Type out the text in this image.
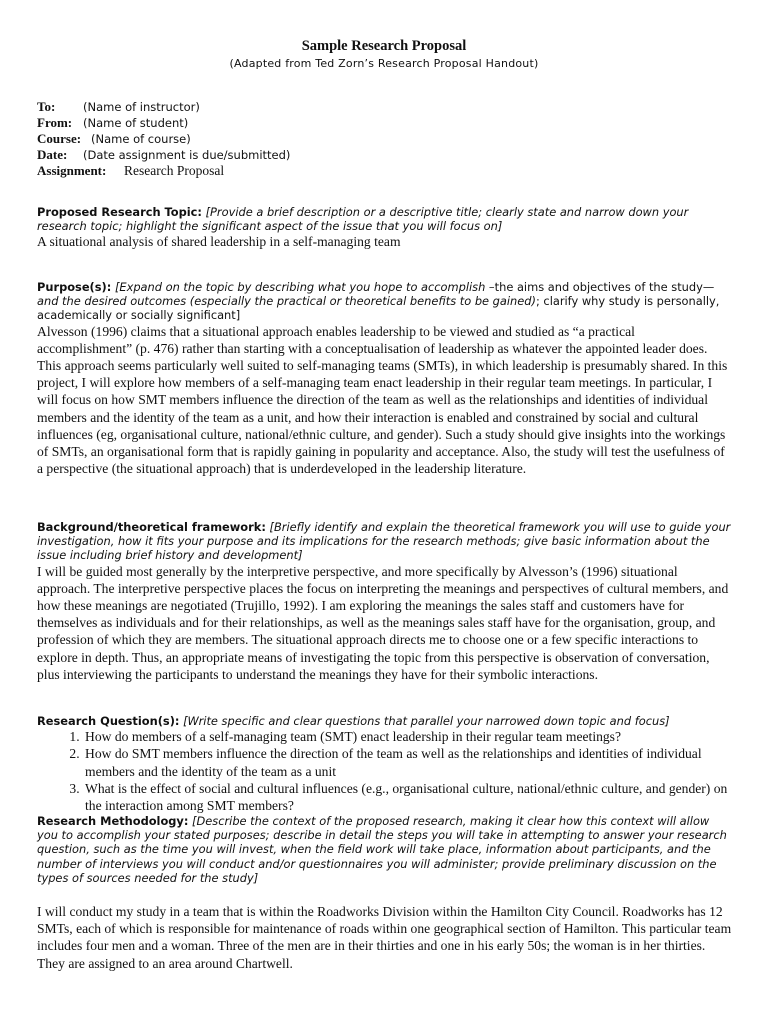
Sample Research Proposal
(Adapted from Ted Zorn’s Research Proposal Handout)
To: (Name of instructor)
From: (Name of student)
Course: (Name of course)
Date: (Date assignment is due/submitted)
Assignment: Research Proposal

Proposed Research Topic: [Provide a brief description or a descriptive title; clearly state and narrow down your research topic; highlight the significant aspect of the issue that you will focus on]

A situational analysis of shared leadership in a self-managing team

Purpose(s): [Expand on the topic by describing what you hope to accomplish –the aims and objectives of the study— and the desired outcomes (especially the practical or theoretical benefits to be gained); clarify why study is personally, academically or socially significant]

Alvesson (1996) claims that a situational approach enables leadership to be viewed and studied as “a practical accomplishment” (p. 476) rather than starting with a conceptualisation of leadership as whatever the appointed leader does. This approach seems particularly well suited to self-managing teams (SMTs), in which leadership is presumably shared. In this project, I will explore how members of a self-managing team enact leadership in their regular team meetings. In particular, I will focus on how SMT members influence the direction of the team as well as the relationships and identities of individual members and the identity of the team as a unit, and how their interaction is enabled and constrained by social and cultural influences (eg, organisational culture, national/ethnic culture, and gender). Such a study should give insights into the workings of SMTs, an organisational form that is rapidly gaining in popularity and acceptance. Also, the study will test the usefulness of a perspective (the situational approach) that is underdeveloped in the leadership literature.

Background/theoretical framework: [Briefly identify and explain the theoretical framework you will use to guide your investigation, how it fits your purpose and its implications for the research methods; give basic information about the issue including brief history and development]

I will be guided most generally by the interpretive perspective, and more specifically by Alvesson’s (1996) situational approach. The interpretive perspective places the focus on interpreting the meanings and perspectives of cultural members, and how these meanings are negotiated (Trujillo, 1992). I am exploring the meanings the sales staff and customers have for themselves as individuals and for their relationships, as well as the meanings sales staff have for the organisation, group, and profession of which they are members. The situational approach directs me to choose one or a few specific interactions to explore in depth. Thus, an appropriate means of investigating the topic from this perspective is observation of conversation, plus interviewing the participants to understand the meanings they have for their symbolic interactions.

Research Question(s): [Write specific and clear questions that parallel your narrowed down topic and focus]

1. How do members of a self-managing team (SMT) enact leadership in their regular team meetings?
2. How do SMT members influence the direction of the team as well as the relationships and identities of individual members and the identity of the team as a unit
3. What is the effect of social and cultural influences (e.g., organisational culture, national/ethnic culture, and gender) on the interaction among SMT members?

Research Methodology: [Describe the context of the proposed research, making it clear how this context will allow you to accomplish your stated purposes; describe in detail the steps you will take in attempting to answer your research question, such as the time you will invest, when the field work will take place, information about participants, and the number of interviews you will conduct and/or questionnaires you will administer; provide preliminary discussion on the types of sources needed for the study]

I will conduct my study in a team that is within the Roadworks Division within the Hamilton City Council. Roadworks has 12 SMTs, each of which is responsible for maintenance of roads within one geographical section of Hamilton. This particular team includes four men and a woman. Three of the men are in their thirties and one in his early 50s; the woman is in her thirties. They are assigned to an area around Chartwell.
